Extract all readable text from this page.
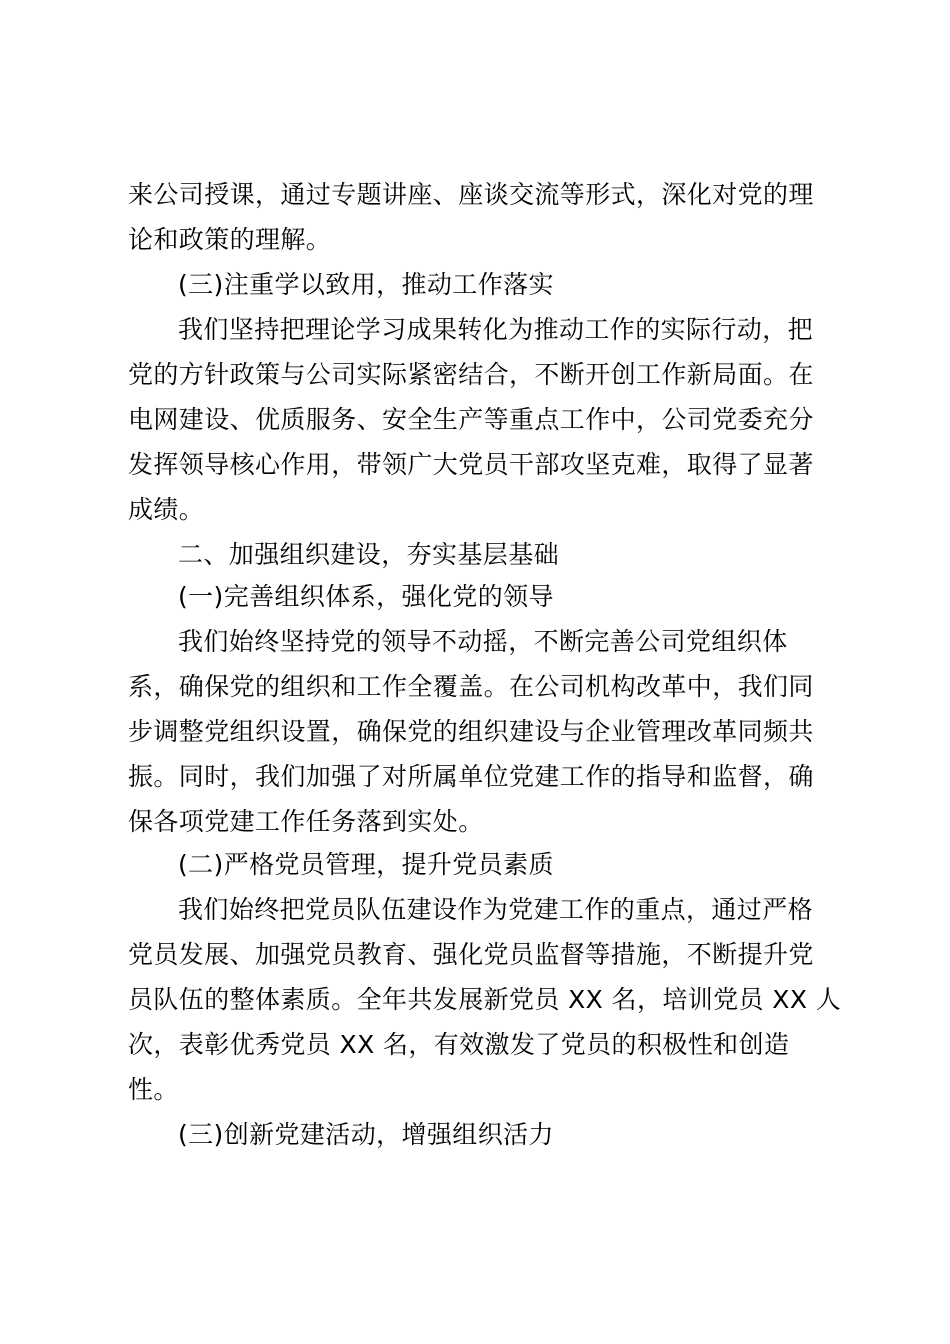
来公司授课，通过专题讲座、座谈交流等形式，深化对党的理
论和政策的理解。
(三)注重学以致用，推动工作落实
我们坚持把理论学习成果转化为推动工作的实际行动，把
党的方针政策与公司实际紧密结合，不断开创工作新局面。在
电网建设、优质服务、安全生产等重点工作中，公司党委充分
发挥领导核心作用，带领广大党员干部攻坚克难，取得了显著
成绩。
二、加强组织建设，夯实基层基础
(一)完善组织体系，强化党的领导
我们始终坚持党的领导不动摇，不断完善公司党组织体
系，确保党的组织和工作全覆盖。在公司机构改革中，我们同
步调整党组织设置，确保党的组织建设与企业管理改革同频共
振。同时，我们加强了对所属单位党建工作的指导和监督，确
保各项党建工作任务落到实处。
(二)严格党员管理，提升党员素质
我们始终把党员队伍建设作为党建工作的重点，通过严格
党员发展、加强党员教育、强化党员监督等措施，不断提升党
员队伍的整体素质。全年共发展新党员 XX 名，培训党员 XX 人
次，表彰优秀党员 XX 名，有效激发了党员的积极性和创造
性。
(三)创新党建活动，增强组织活力
